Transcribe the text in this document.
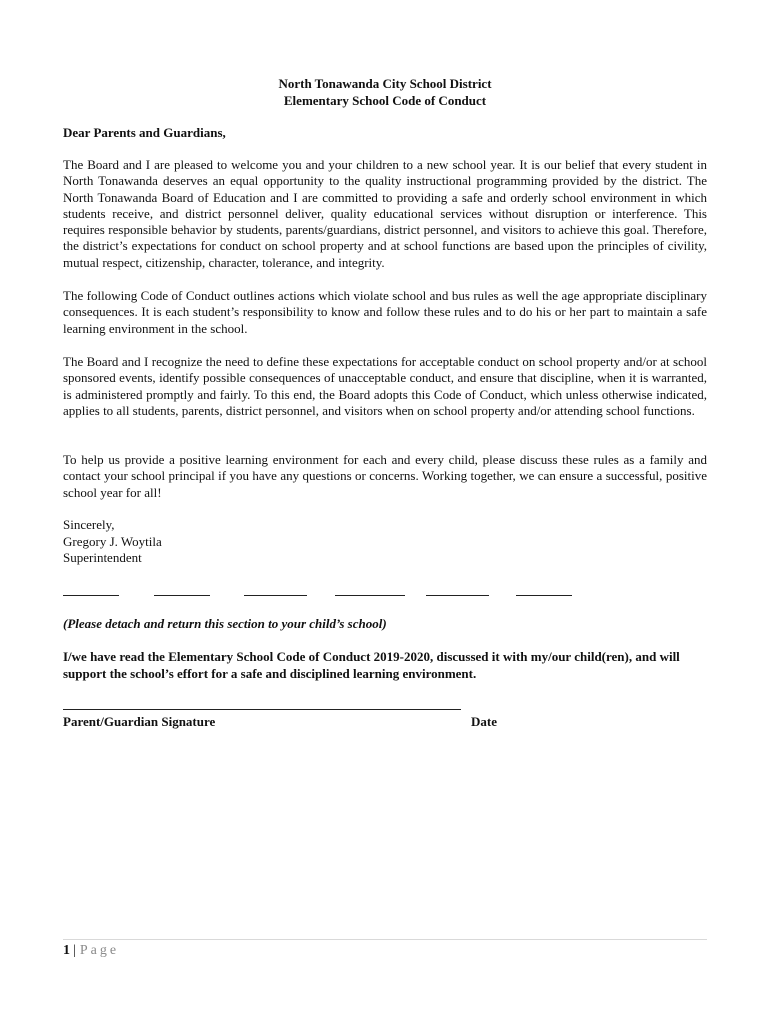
North Tonawanda City School District
Elementary School Code of Conduct
Dear Parents and Guardians,

The Board and I are pleased to welcome you and your children to a new school year. It is our belief that every student in North Tonawanda deserves an equal opportunity to the quality instructional programming provided by the district. The North Tonawanda Board of Education and I are committed to providing a safe and orderly school environment in which students receive, and district personnel deliver, quality educational services without disruption or interference. This requires responsible behavior by students, parents/guardians, district personnel, and visitors to achieve this goal. Therefore, the district’s expectations for conduct on school property and at school functions are based upon the principles of civility, mutual respect, citizenship, character, tolerance, and integrity.

The following Code of Conduct outlines actions which violate school and bus rules as well the age appropriate disciplinary consequences. It is each student’s responsibility to know and follow these rules and to do his or her part to maintain a safe learning environment in the school.

The Board and I recognize the need to define these expectations for acceptable conduct on school property and/or at school sponsored events, identify possible consequences of unacceptable conduct, and ensure that discipline, when it is warranted, is administered promptly and fairly. To this end, the Board adopts this Code of Conduct, which unless otherwise indicated, applies to all students, parents, district personnel, and visitors when on school property and/or attending school functions.

To help us provide a positive learning environment for each and every child, please discuss these rules as a family and contact your school principal if you have any questions or concerns. Working together, we can ensure a successful, positive school year for all!

Sincerely,
Gregory J. Woytila
Superintendent
(Please detach and return this section to your child’s school)
I/we have read the Elementary School Code of Conduct 2019-2020, discussed it with my/our child(ren), and will support the school’s effort for a safe and disciplined learning environment.
Parent/Guardian Signature	Date
1 | Page
